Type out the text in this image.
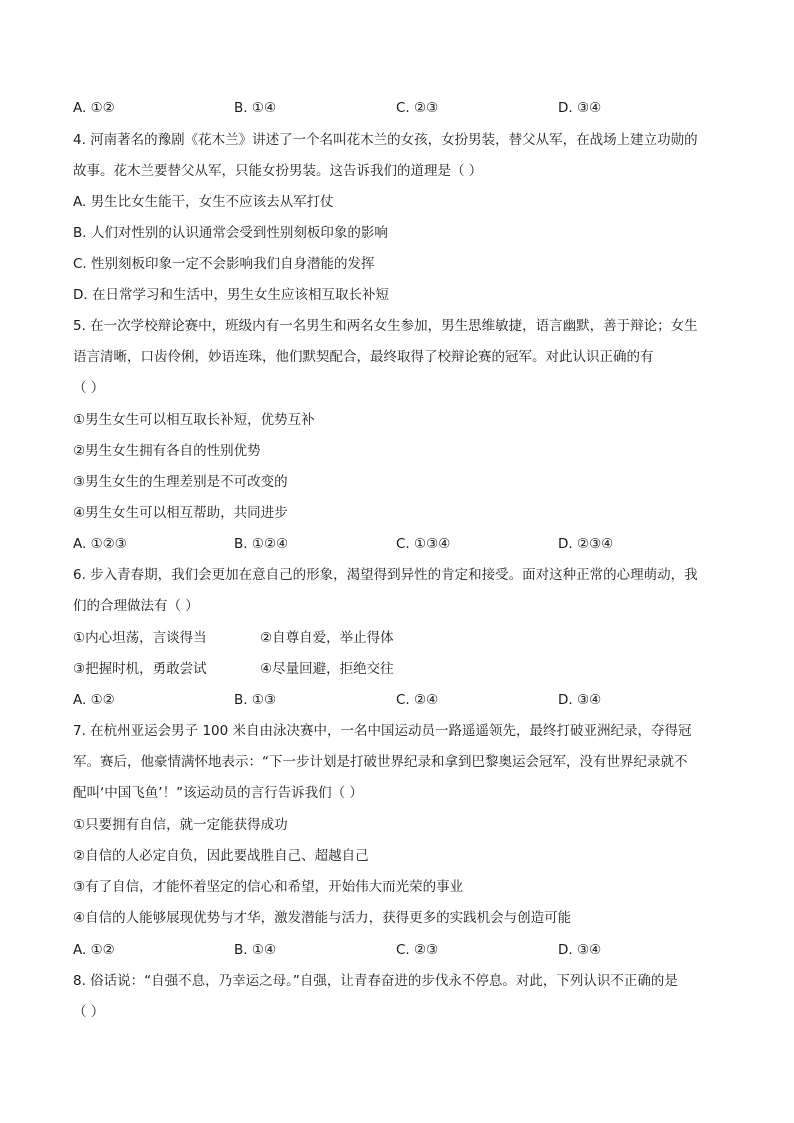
A. ①②	B. ①④	C. ②③	D. ③④
4. 河南著名的豫剧《花木兰》讲述了一个名叫花木兰的女孩，女扮男装，替父从军，在战场上建立功勋的
故事。花木兰要替父从军，只能女扮男装。这告诉我们的道理是（ ）
A. 男生比女生能干，女生不应该去从军打仗
B. 人们对性别的认识通常会受到性别刻板印象的影响
C. 性别刻板印象一定不会影响我们自身潜能的发挥
D. 在日常学习和生活中，男生女生应该相互取长补短
5. 在一次学校辩论赛中，班级内有一名男生和两名女生参加，男生思维敏捷，语言幽默，善于辩论；女生
语言清晰，口齿伶俐，妙语连珠，他们默契配合，最终取得了校辩论赛的冠军。对此认识正确的有
（ ）
①男生女生可以相互取长补短，优势互补
②男生女生拥有各自的性别优势
③男生女生的生理差别是不可改变的
④男生女生可以相互帮助，共同进步
A. ①②③	B. ①②④	C. ①③④	D. ②③④
6. 步入青春期，我们会更加在意自己的形象，渴望得到异性的肯定和接受。面对这种正常的心理萌动，我
们的合理做法有（ ）
①内心坦荡，言谈得当	②自尊自爱，举止得体
③把握时机，勇敢尝试	④尽量回避，拒绝交往
A. ①②	B. ①③	C. ②④	D. ③④
7. 在杭州亚运会男子 100 米自由泳决赛中，一名中国运动员一路遥遥领先，最终打破亚洲纪录，夺得冠
军。赛后，他豪情满怀地表示：“下一步计划是打破世界纪录和拿到巴黎奥运会冠军，没有世界纪录就不
配叫‘中国飞鱼’！”该运动员的言行告诉我们（ ）
①只要拥有自信，就一定能获得成功
②自信的人必定自负，因此要战胜自己、超越自己
③有了自信，才能怀着坚定的信心和希望，开始伟大而光荣的事业
④自信的人能够展现优势与才华，激发潜能与活力，获得更多的实践机会与创造可能
A. ①②	B. ①④	C. ②③	D. ③④
8. 俗话说：“自强不息，乃幸运之母。”自强，让青春奋进的步伐永不停息。对此，下列认识不正确的是
（ ）
